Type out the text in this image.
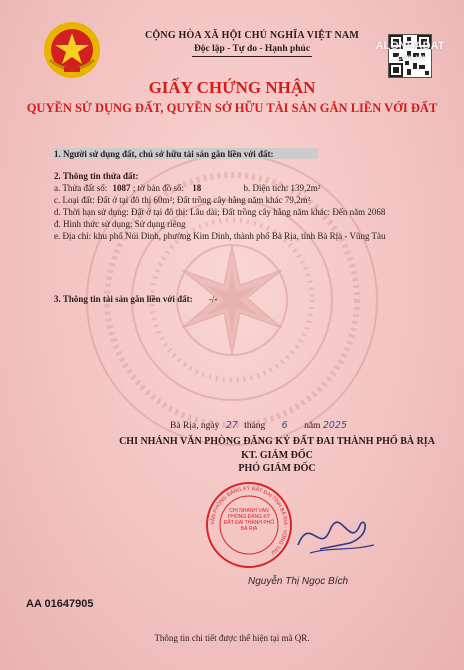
CỘNG HÒA XÃ HỘI CHỦ NGHĨA VIỆT NAM
Độc lập - Tự do - Hạnh phúc	ALONHADAT
.com.vn
GIẤY CHỨNG NHẬN
QUYỀN SỬ DỤNG ĐẤT, QUYỀN SỞ HỮU TÀI SẢN GẮN LIỀN VỚI ĐẤT
1. Người sử dụng đất, chủ sở hữu tài sản gắn liền với đất:
2. Thông tin thửa đất:
a. Thửa đất số: 1087 ; tờ bản đồ số: 18	b. Diện tích: 139,2m²
c. Loại đất: Đất ở tại đô thị 60m²; Đất trồng cây hằng năm khác 79,2m²
d. Thời hạn sử dụng: Đất ở tại đô thị: Lâu dài; Đất trồng cây hằng năm khác: Đến năm 2068
đ. Hình thức sử dụng: Sử dụng riêng
e. Địa chỉ: khu phố Núi Dinh, phường Kim Dinh, thành phố Bà Rịa, tỉnh Bà Rịa - Vũng Tàu
3. Thông tin tài sản gắn liền với đất: -/-
Bà Rịa, ngày 27 tháng 6 năm 2025
CHI NHÁNH VĂN PHÒNG ĐĂNG KÝ ĐẤT ĐAI THÀNH PHỐ BÀ RỊA
KT. GIÁM ĐỐC
PHÓ GIÁM ĐỐC
VĂN PHÒNG ĐĂNG KÝ ĐẤT ĐAI TỈNH BÀ RỊA - VŨNG TÀU
CHI NHÁNH VĂN PHÒNG ĐĂNG KÝ ĐẤT ĐAI THÀNH PHỐ BÀ RỊA
Nguyễn Thị Ngọc Bích
AA 01647905
Thông tin chi tiết được thể hiện tại mã QR.
